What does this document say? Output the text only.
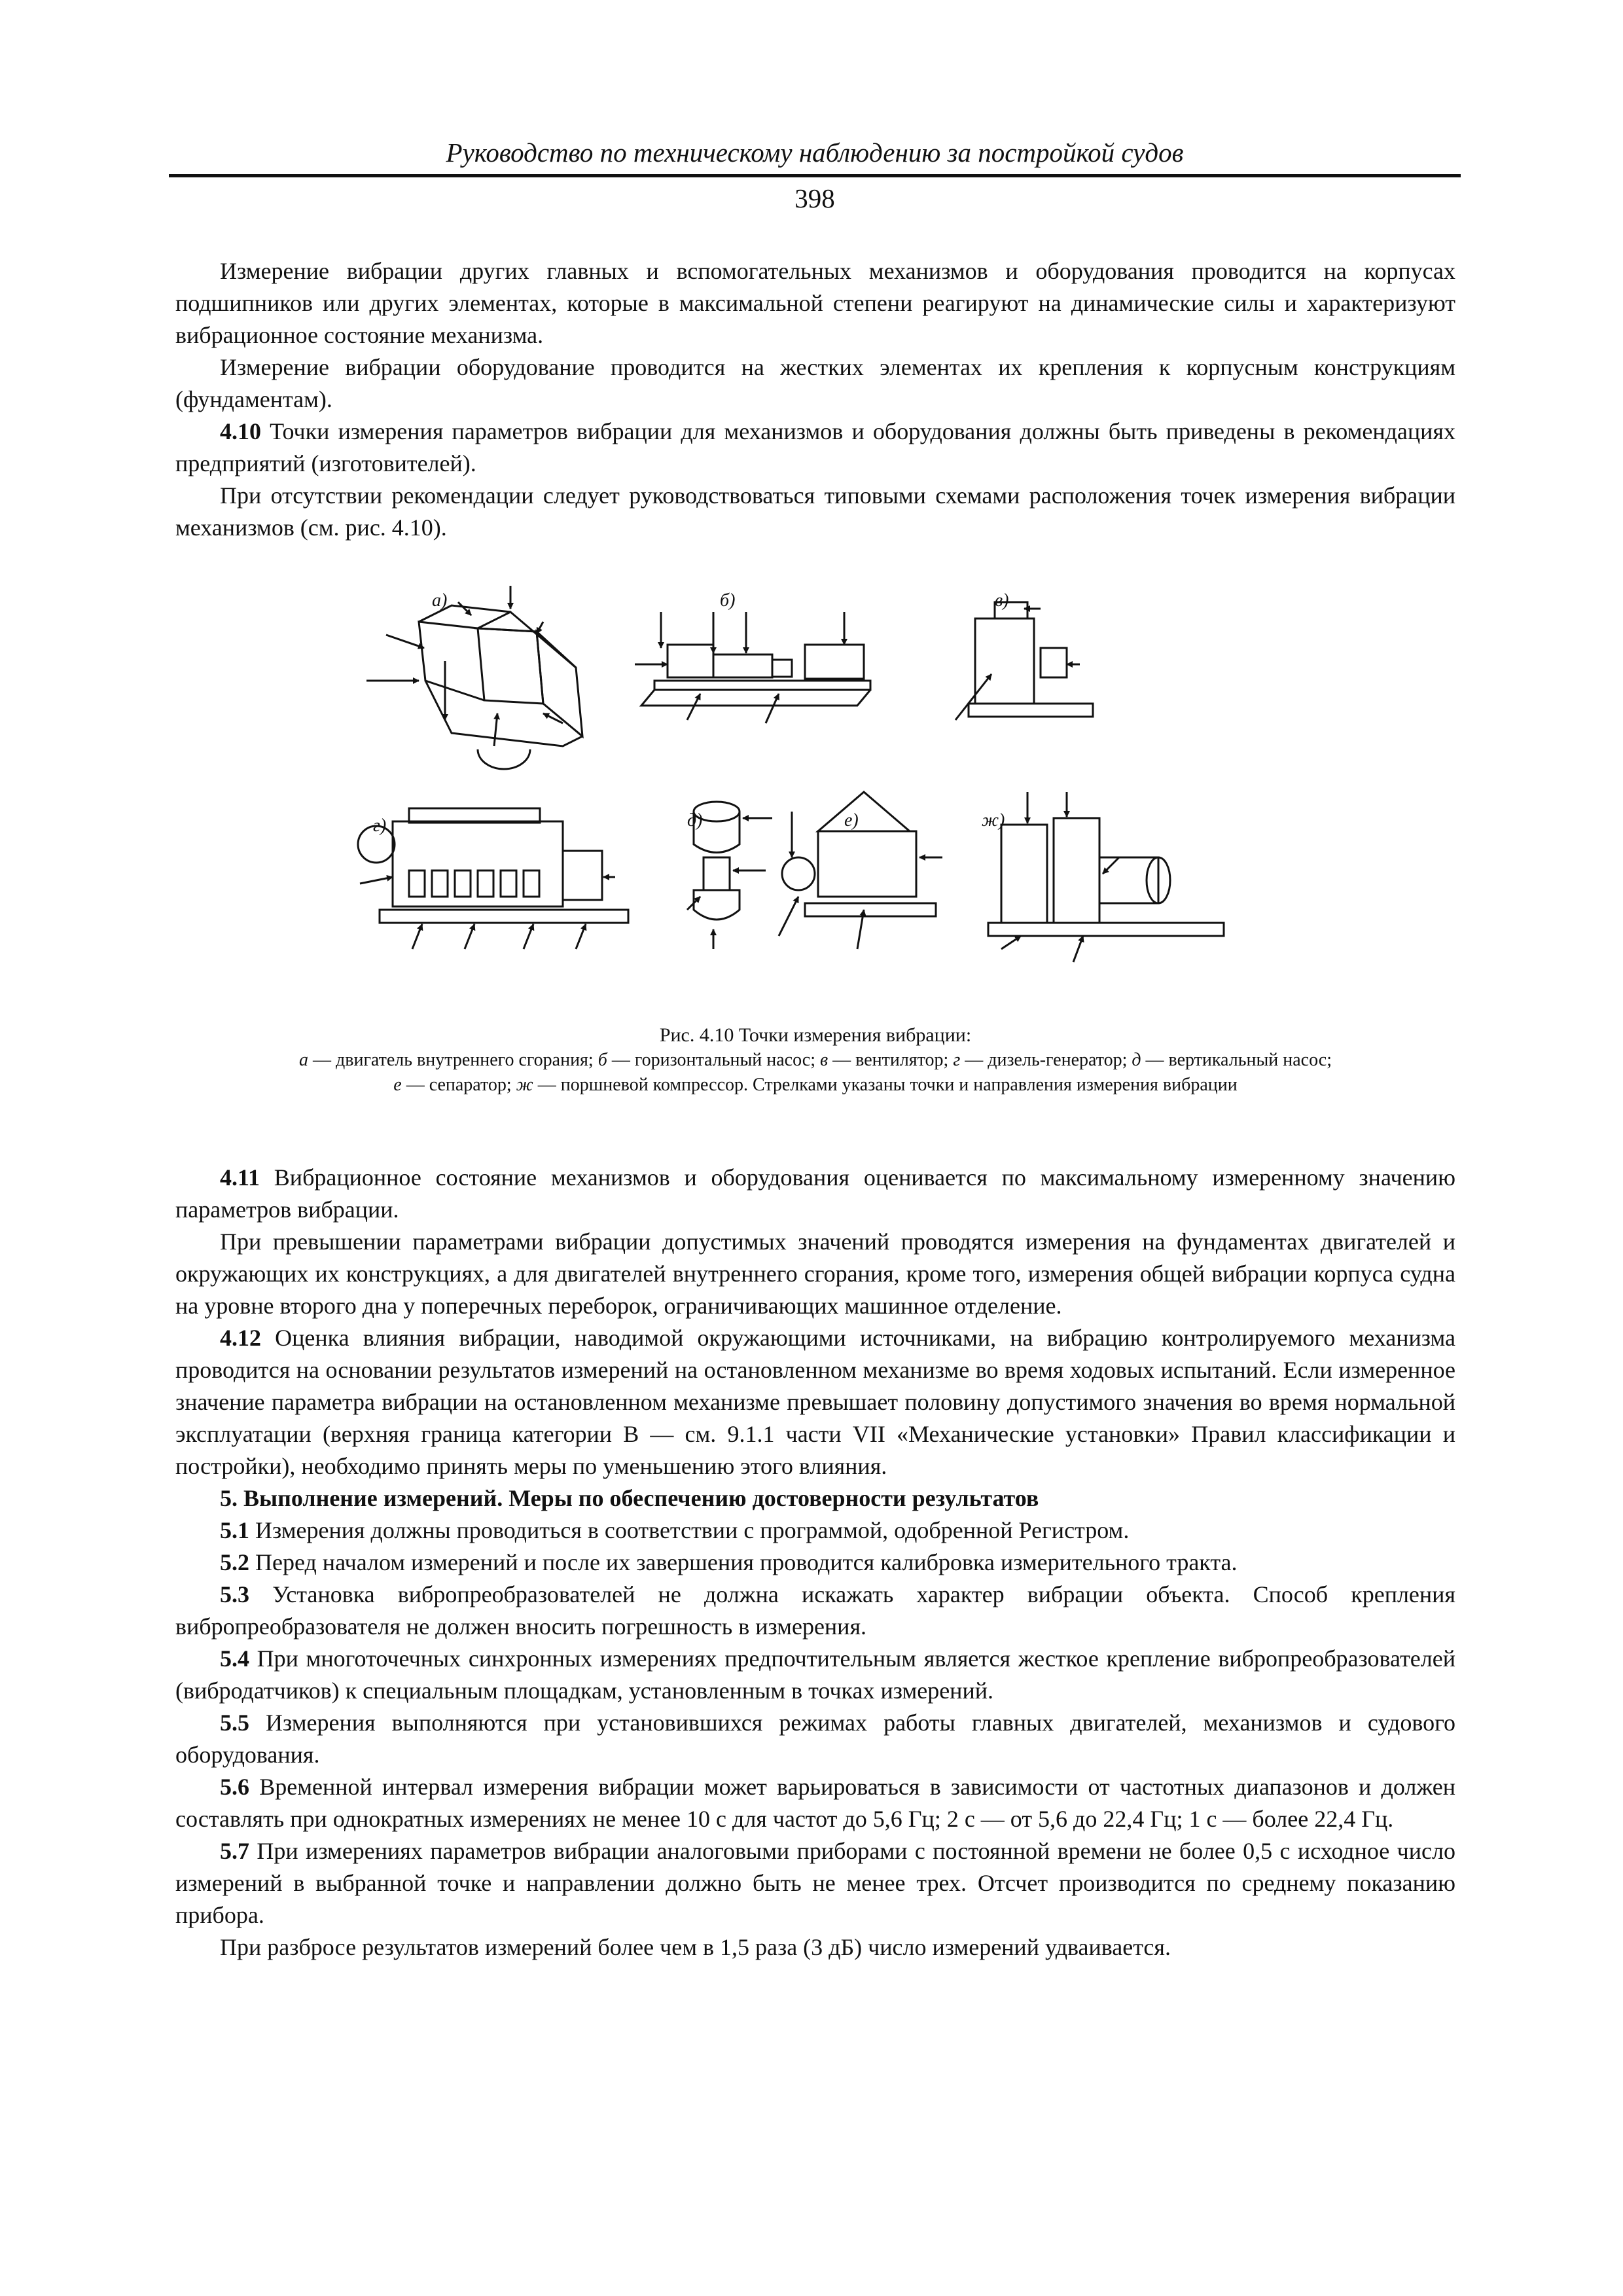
Руководство по техническому наблюдению за постройкой судов
398

Измерение вибрации других главных и вспомогательных механизмов и оборудования проводится на корпусах подшипников или других элементах, которые в максимальной степени реагируют на динамические силы и характеризуют вибрационное состояние механизма.

Измерение вибрации оборудование проводится на жестких элементах их крепления к корпусным конструкциям (фундаментам).

4.10 Точки измерения параметров вибрации для механизмов и оборудования должны быть приведены в рекомендациях предприятий (изготовителей).

При отсутствии рекомендации следует руководствоваться типовыми схемами расположения точек измерения вибрации механизмов (см. рис. 4.10).

а)	б)	в)
г)	д)	е)	ж)
Рис. 4.10 Точки измерения вибрации:
а — двигатель внутреннего сгорания; б — горизонтальный насос; в — вентилятор; г — дизель-генератор; д — вертикальный насос;
е — сепаратор; ж — поршневой компрессор. Стрелками указаны точки и направления измерения вибрации

4.11 Вибрационное состояние механизмов и оборудования оценивается по максимальному измеренному значению параметров вибрации.

При превышении параметрами вибрации допустимых значений проводятся измерения на фундаментах двигателей и окружающих их конструкциях, а для двигателей внутреннего сгорания, кроме того, измерения общей вибрации корпуса судна на уровне второго дна у поперечных переборок, ограничивающих машинное отделение.

4.12 Оценка влияния вибрации, наводимой окружающими источниками, на вибрацию контролируемого механизма проводится на основании результатов измерений на остановленном механизме во время ходовых испытаний. Если измеренное значение параметра вибрации на остановленном механизме превышает половину допустимого значения во время нормальной эксплуатации (верхняя граница категории В — см. 9.1.1 части VII «Механические установки» Правил классификации и постройки), необходимо принять меры по уменьшению этого влияния.

5. Выполнение измерений. Меры по обеспечению достоверности результатов

5.1 Измерения должны проводиться в соответствии с программой, одобренной Регистром.

5.2 Перед началом измерений и после их завершения проводится калибровка измерительного тракта.

5.3 Установка вибропреобразователей не должна искажать характер вибрации объекта. Способ крепления вибропреобразователя не должен вносить погрешность в измерения.

5.4 При многоточечных синхронных измерениях предпочтительным является жесткое крепление вибропреобразователей (вибродатчиков) к специальным площадкам, установленным в точках измерений.

5.5 Измерения выполняются при установившихся режимах работы главных двигателей, механизмов и судового оборудования.

5.6 Временной интервал измерения вибрации может варьироваться в зависимости от частотных диапазонов и должен составлять при однократных измерениях не менее 10 с для частот до 5,6 Гц; 2 с — от 5,6 до 22,4 Гц; 1 с — более 22,4 Гц.

5.7 При измерениях параметров вибрации аналоговыми приборами с постоянной времени не более 0,5 с исходное число измерений в выбранной точке и направлении должно быть не менее трех. Отсчет производится по среднему показанию прибора.

При разбросе результатов измерений более чем в 1,5 раза (3 дБ) число измерений удваивается.
